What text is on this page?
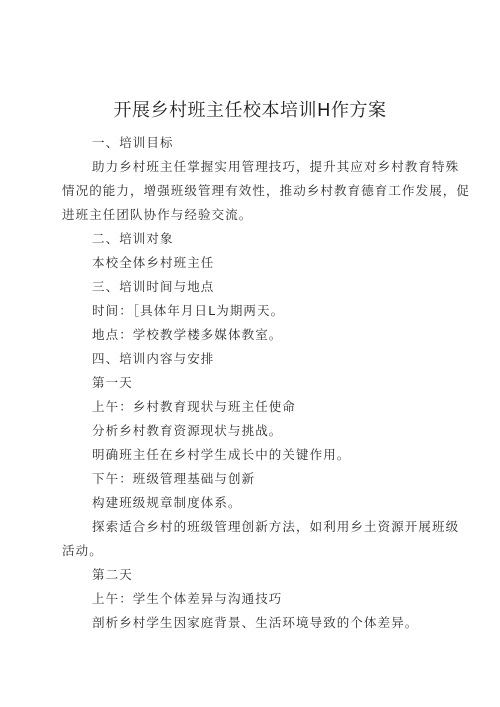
开展乡村班主任校本培训H作方案
一、培训目标
助力乡村班主任掌握实用管理技巧，提升其应对乡村教育特殊
情况的能力，增强班级管理有效性，推动乡村教育德育工作发展，促
进班主任团队协作与经验交流。
二、培训对象
本校全体乡村班主任
三、培训时间与地点
时间：［具体年月日L为期两天。
地点：学校教学楼多媒体教室。
四、培训内容与安排
第一天
上午：乡村教育现状与班主任使命
分析乡村教育资源现状与挑战。
明确班主任在乡村学生成长中的关键作用。
下午：班级管理基础与创新
构建班级规章制度体系。
探索适合乡村的班级管理创新方法，如利用乡土资源开展班级
活动。
第二天
上午：学生个体差异与沟通技巧
剖析乡村学生因家庭背景、生活环境导致的个体差异。
